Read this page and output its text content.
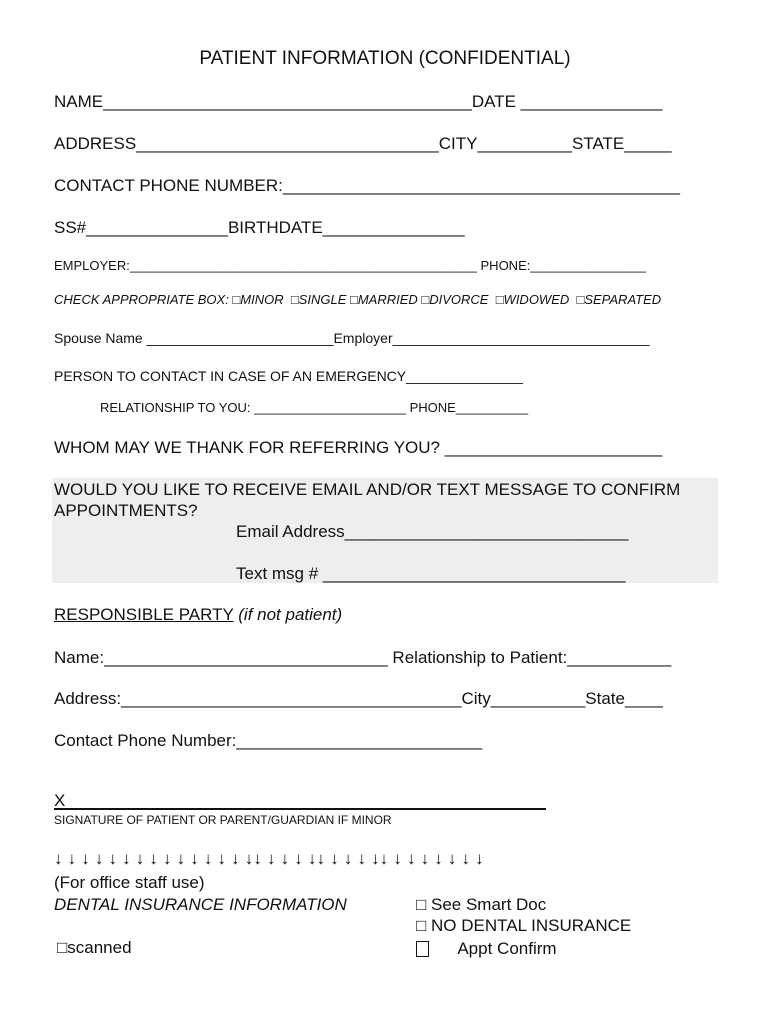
PATIENT INFORMATION (CONFIDENTIAL)
NAME_______________________________________DATE _______________
ADDRESS________________________________CITY__________STATE_____
CONTACT PHONE NUMBER:__________________________________________
SS#_______________BIRTHDATE_______________
EMPLOYER:________________________________________________ PHONE:________________
CHECK APPROPRIATE BOX: □MINOR  □SINGLE □MARRIED □DIVORCE  □WIDOWED  □SEPARATED
Spouse Name ________________________Employer_________________________________
PERSON TO CONTACT IN CASE OF AN EMERGENCY_______________
RELATIONSHIP TO YOU: _____________________ PHONE__________
WHOM MAY WE THANK FOR REFERRING YOU? _______________________
WOULD YOU LIKE TO RECEIVE EMAIL AND/OR TEXT MESSAGE TO CONFIRM
APPOINTMENTS?
Email Address______________________________
Text msg # ________________________________
RESPONSIBLE PARTY (if not patient)
Name:______________________________ Relationship to Patient:___________
Address:____________________________________City__________State____
Contact Phone Number:__________________________
X
SIGNATURE OF PATIENT OR PARENT/GUARDIAN IF MINOR
↓ ↓ ↓ ↓ ↓ ↓ ↓ ↓ ↓ ↓ ↓ ↓ ↓ ↓ ↓↓ ↓ ↓ ↓ ↓↓ ↓ ↓ ↓ ↓↓ ↓ ↓ ↓ ↓ ↓ ↓ ↓
(For office staff use)
DENTAL INSURANCE INFORMATION	□ See Smart Doc
□ NO DENTAL INSURANCE
□scanned	Appt Confirm
